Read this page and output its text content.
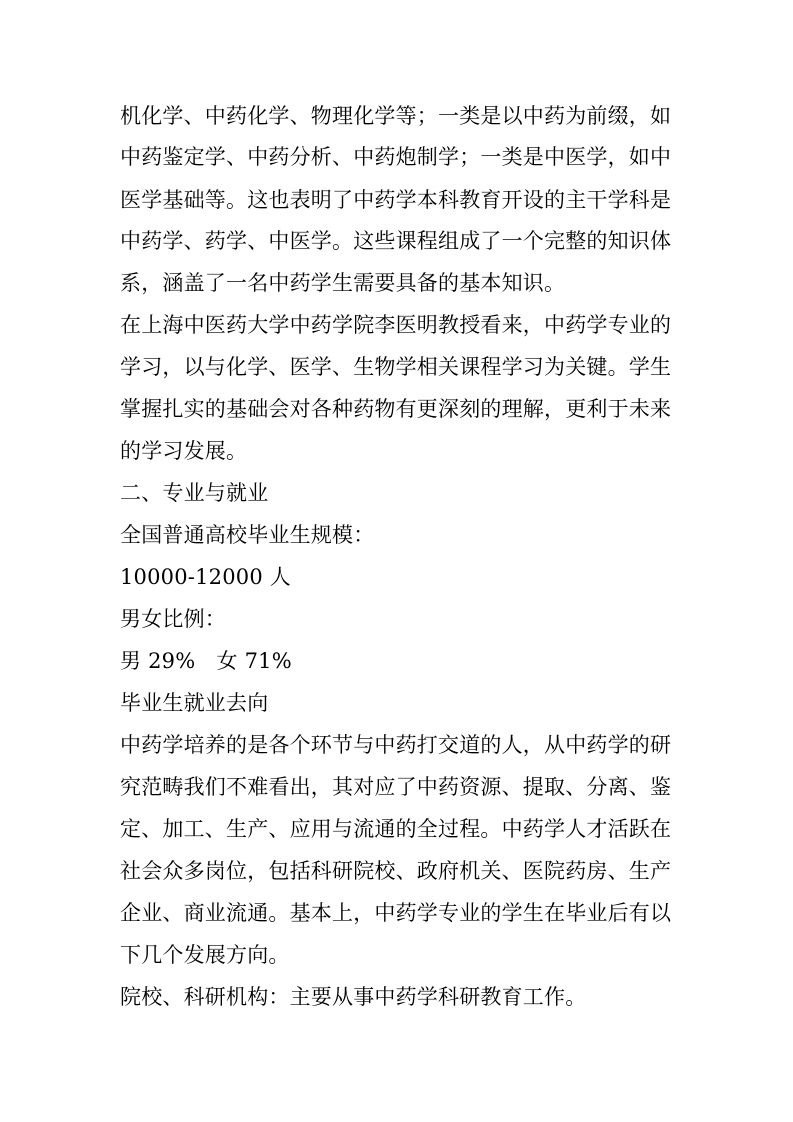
机化学、中药化学、物理化学等；一类是以中药为前缀，如
中药鉴定学、中药分析、中药炮制学；一类是中医学，如中
医学基础等。这也表明了中药学本科教育开设的主干学科是
中药学、药学、中医学。这些课程组成了一个完整的知识体
系，涵盖了一名中药学生需要具备的基本知识。
在上海中医药大学中药学院李医明教授看来，中药学专业的
学习，以与化学、医学、生物学相关课程学习为关键。学生
掌握扎实的基础会对各种药物有更深刻的理解，更利于未来
的学习发展。
二、专业与就业
全国普通高校毕业生规模：
10000-12000 人
男女比例：
男 29%　女 71%
毕业生就业去向
中药学培养的是各个环节与中药打交道的人，从中药学的研
究范畴我们不难看出，其对应了中药资源、提取、分离、鉴
定、加工、生产、应用与流通的全过程。中药学人才活跃在
社会众多岗位，包括科研院校、政府机关、医院药房、生产
企业、商业流通。基本上，中药学专业的学生在毕业后有以
下几个发展方向。
院校、科研机构：主要从事中药学科研教育工作。
